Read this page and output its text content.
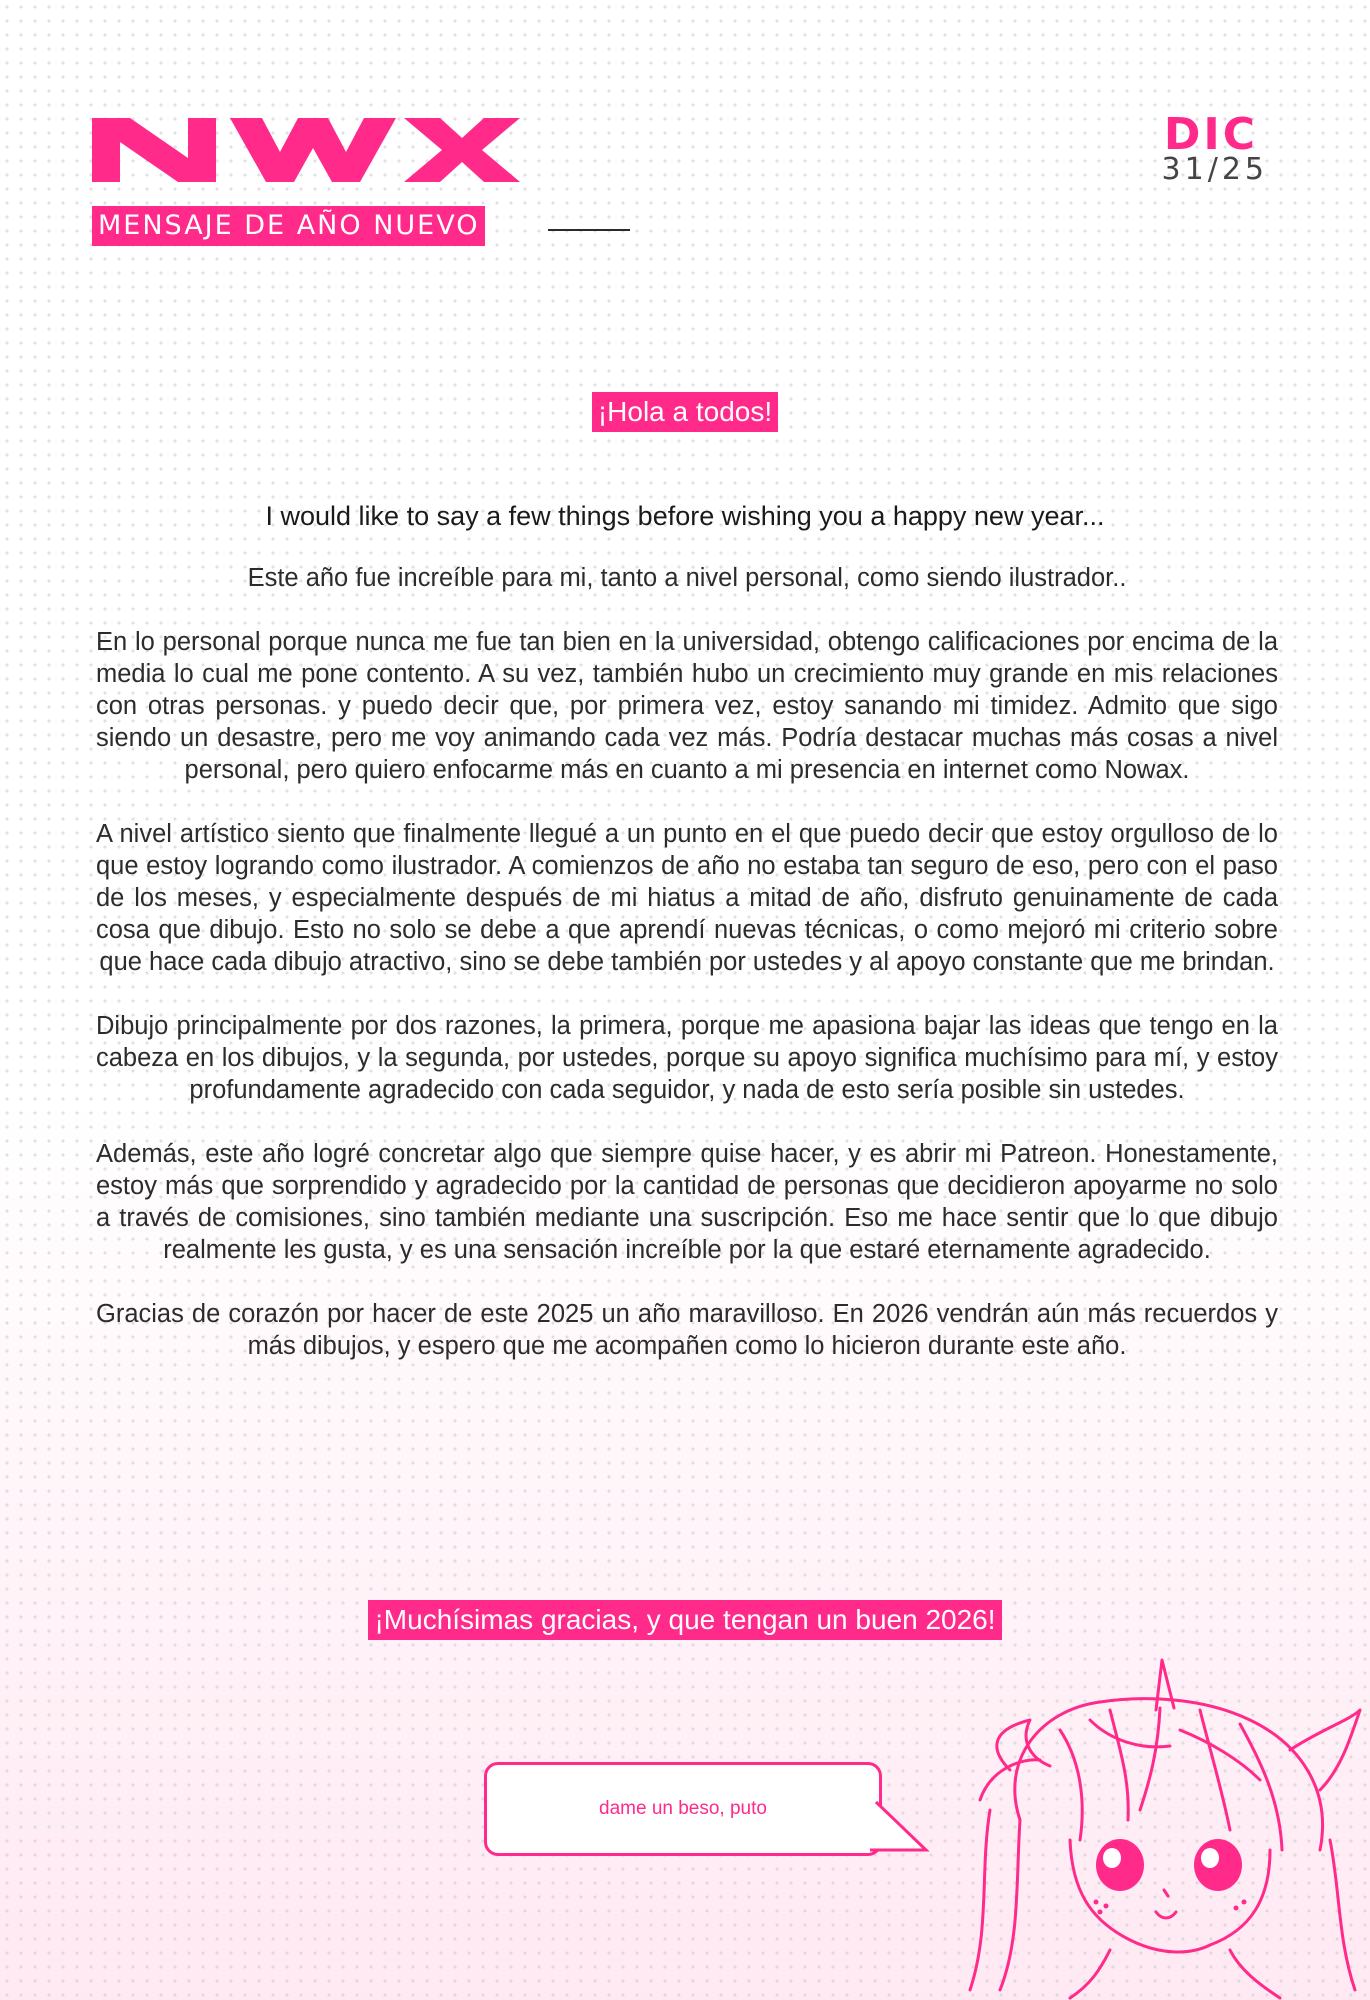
MENSAJE DE AÑO NUEVO
DIC
31/25
¡Hola a todos!
I would like to say a few things before wishing you a happy new year...

Este año fue increíble para mi, tanto a nivel personal, como siendo ilustrador..

En lo personal porque nunca me fue tan bien en la universidad, obtengo calificaciones por encima de la media lo cual me pone contento. A su vez, también hubo un crecimiento muy grande en mis relaciones con otras personas. y puedo decir que, por primera vez, estoy sanando mi timidez. Admito que sigo siendo un desastre, pero me voy animando cada vez más. Podría destacar muchas más cosas a nivel personal, pero quiero enfocarme más en cuanto a mi presencia en internet como Nowax.

A nivel artístico siento que finalmente llegué a un punto en el que puedo decir que estoy orgulloso de lo que estoy logrando como ilustrador. A comienzos de año no estaba tan seguro de eso, pero con el paso de los meses, y especialmente después de mi hiatus a mitad de año, disfruto genuinamente de cada cosa que dibujo. Esto no solo se debe a que aprendí nuevas técnicas, o como mejoró mi criterio sobre que hace cada dibujo atractivo, sino se debe también por ustedes y al apoyo constante que me brindan.

Dibujo principalmente por dos razones, la primera, porque me apasiona bajar las ideas que tengo en la cabeza en los dibujos, y la segunda, por ustedes, porque su apoyo significa muchísimo para mí, y estoy profundamente agradecido con cada seguidor, y nada de esto sería posible sin ustedes.

Además, este año logré concretar algo que siempre quise hacer, y es abrir mi Patreon. Honestamente, estoy más que sorprendido y agradecido por la cantidad de personas que decidieron apoyarme no solo a través de comisiones, sino también mediante una suscripción. Eso me hace sentir que lo que dibujo realmente les gusta, y es una sensación increíble por la que estaré eternamente agradecido.

Gracias de corazón por hacer de este 2025 un año maravilloso. En 2026 vendrán aún más recuerdos y más dibujos, y espero que me acompañen como lo hicieron durante este año.

¡Muchísimas gracias, y que tengan un buen 2026!
dame un beso, puto
